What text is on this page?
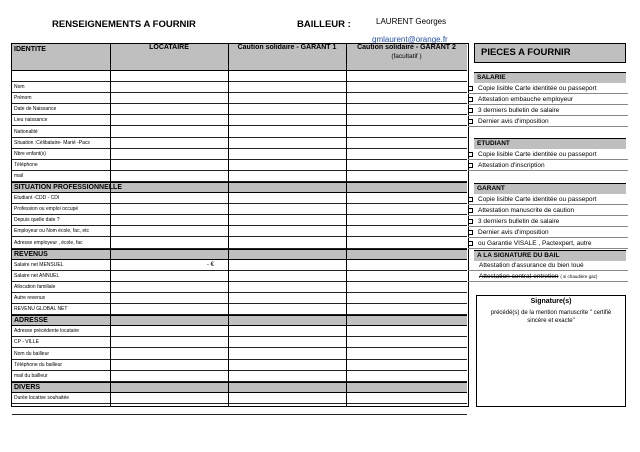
RENSEIGNEMENTS A FOURNIR	BAILLEUR :	LAURENT Georges
gmlaurent@orange.fr
IDENTITE	LOCATAIRE	Caution solidaire - GARANT 1	Caution solidaire - GARANT 2
(facultatif )
Nom
Prénom
Date de Naissance
Lieu naissance
Nationalité
Situation :Célibataire- Marié -Pacs
Nbre enfant(s)
Téléphone
mail
SITUATION PROFESSIONNELLE
Etudiant -CDD - CDI
Profession ou emploi occupé
Depuis quelle date ?
Employeur ou Nom école, fac, etc
Adresse employeur , école, fac
REVENUS
Salaire net MENSUEL	- €
Salaire net ANNUEL
Allocation familiale
Autre revenus
REVENU GLOBAL NET
ADRESSE
Adresse précédente locataire
CP - VILLE
Nom du bailleur
Téléphone du bailleur
mail du bailleur
DIVERS
Durée locative souhaitée
PIECES A FOURNIR
SALARIE
Copie lisible Carte identitée ou passeport
Attestation embauche employeur
3 derniers bulletin de salaire
Dernier avis d'imposition
ETUDIANT
Copie lisible Carte identitée ou passeport
Attestation d'inscription
GARANT
Copie lisible Carte identitée ou passeport
Attestation manuscrite de caution
3 derniers bulletin de salaire
Dernier avis d'imposition
ou Garantie VISALE , Pactexpert, autre
A LA SIGNATURE DU BAIL
Attestation d'assurance du bien loué
Attestation contrat entretien ( si chaudière gaz)
Signature(s)
précédé(s) de la mention manuscrite " certifié sincère et exacte"
